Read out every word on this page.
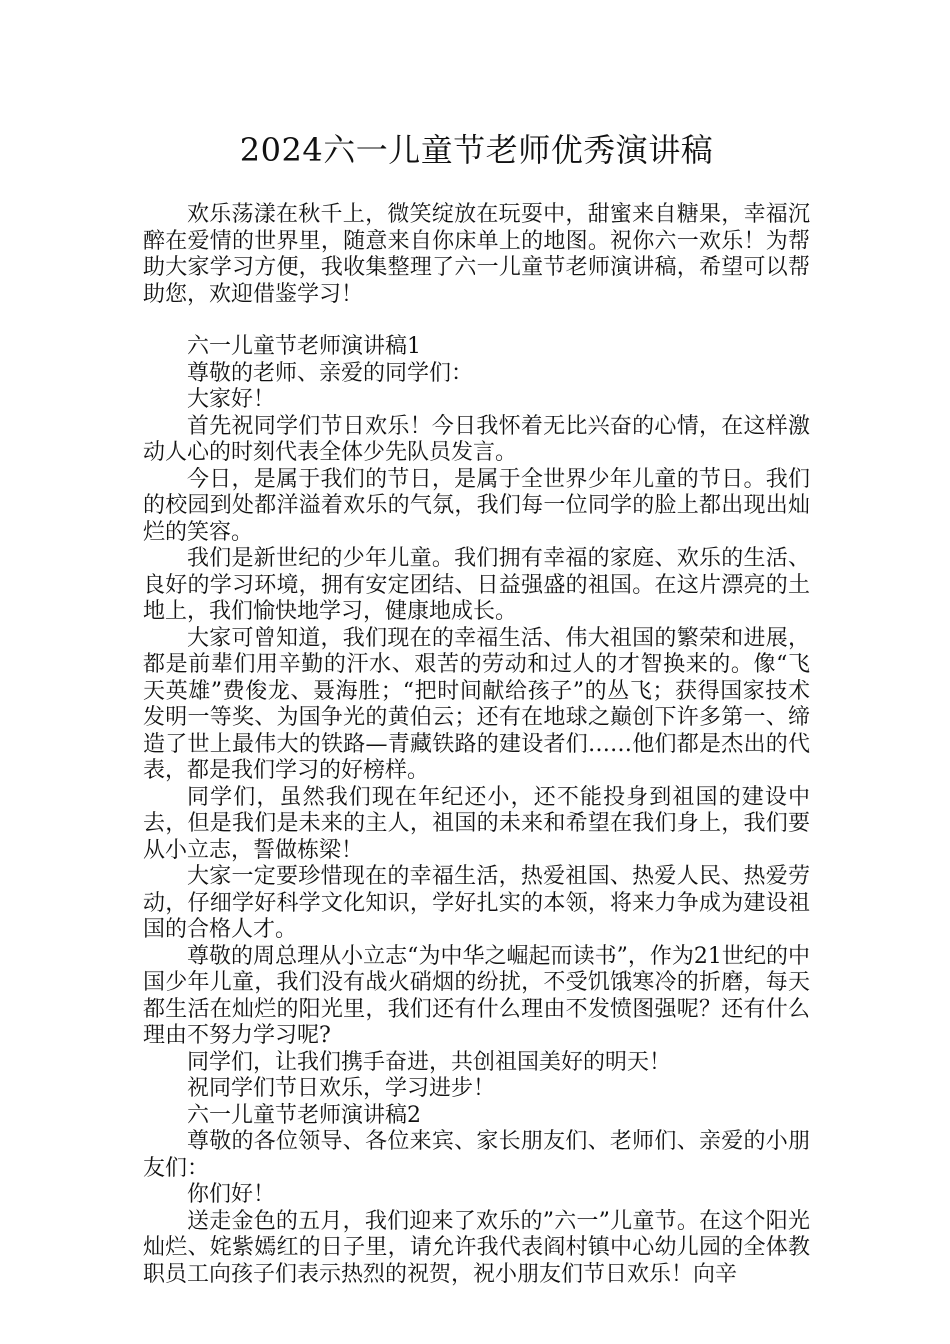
2024六一儿童节老师优秀演讲稿

欢乐荡漾在秋千上，微笑绽放在玩耍中，甜蜜来自糖果，幸福沉醉在爱情的世界里，随意来自你床单上的地图。祝你六一欢乐！为帮助大家学习方便，我收集整理了六一儿童节老师演讲稿，希望可以帮助您，欢迎借鉴学习！

六一儿童节老师演讲稿1

尊敬的老师、亲爱的同学们：

大家好！

首先祝同学们节日欢乐！今日我怀着无比兴奋的心情，在这样激动人心的时刻代表全体少先队员发言。

今日，是属于我们的节日，是属于全世界少年儿童的节日。我们的校园到处都洋溢着欢乐的气氛，我们每一位同学的脸上都出现出灿烂的笑容。

我们是新世纪的少年儿童。我们拥有幸福的家庭、欢乐的生活、良好的学习环境，拥有安定团结、日益强盛的祖国。在这片漂亮的土地上，我们愉快地学习，健康地成长。

大家可曾知道，我们现在的幸福生活、伟大祖国的繁荣和进展，都是前辈们用辛勤的汗水、艰苦的劳动和过人的才智换来的。像“飞天英雄”费俊龙、聂海胜；“把时间献给孩子”的丛飞；获得国家技术发明一等奖、为国争光的黄伯云；还有在地球之巅创下许多第一、缔造了世上最伟大的铁路—青藏铁路的建设者们……他们都是杰出的代表，都是我们学习的好榜样。

同学们，虽然我们现在年纪还小，还不能投身到祖国的建设中去，但是我们是未来的主人，祖国的未来和希望在我们身上，我们要从小立志，誓做栋梁！

大家一定要珍惜现在的幸福生活，热爱祖国、热爱人民、热爱劳动，仔细学好科学文化知识，学好扎实的本领，将来力争成为建设祖国的合格人才。

尊敬的周总理从小立志“为中华之崛起而读书”，作为21世纪的中国少年儿童，我们没有战火硝烟的纷扰，不受饥饿寒冷的折磨，每天都生活在灿烂的阳光里，我们还有什么理由不发愤图强呢？还有什么理由不努力学习呢?

同学们，让我们携手奋进，共创祖国美好的明天！

祝同学们节日欢乐，学习进步！

六一儿童节老师演讲稿2

尊敬的各位领导、各位来宾、家长朋友们、老师们、亲爱的小朋友们：

你们好！

送走金色的五月，我们迎来了欢乐的”六一”儿童节。在这个阳光灿烂、姹紫嫣红的日子里，请允许我代表阎村镇中心幼儿园的全体教职员工向孩子们表示热烈的祝贺，祝小朋友们节日欢乐！向辛
